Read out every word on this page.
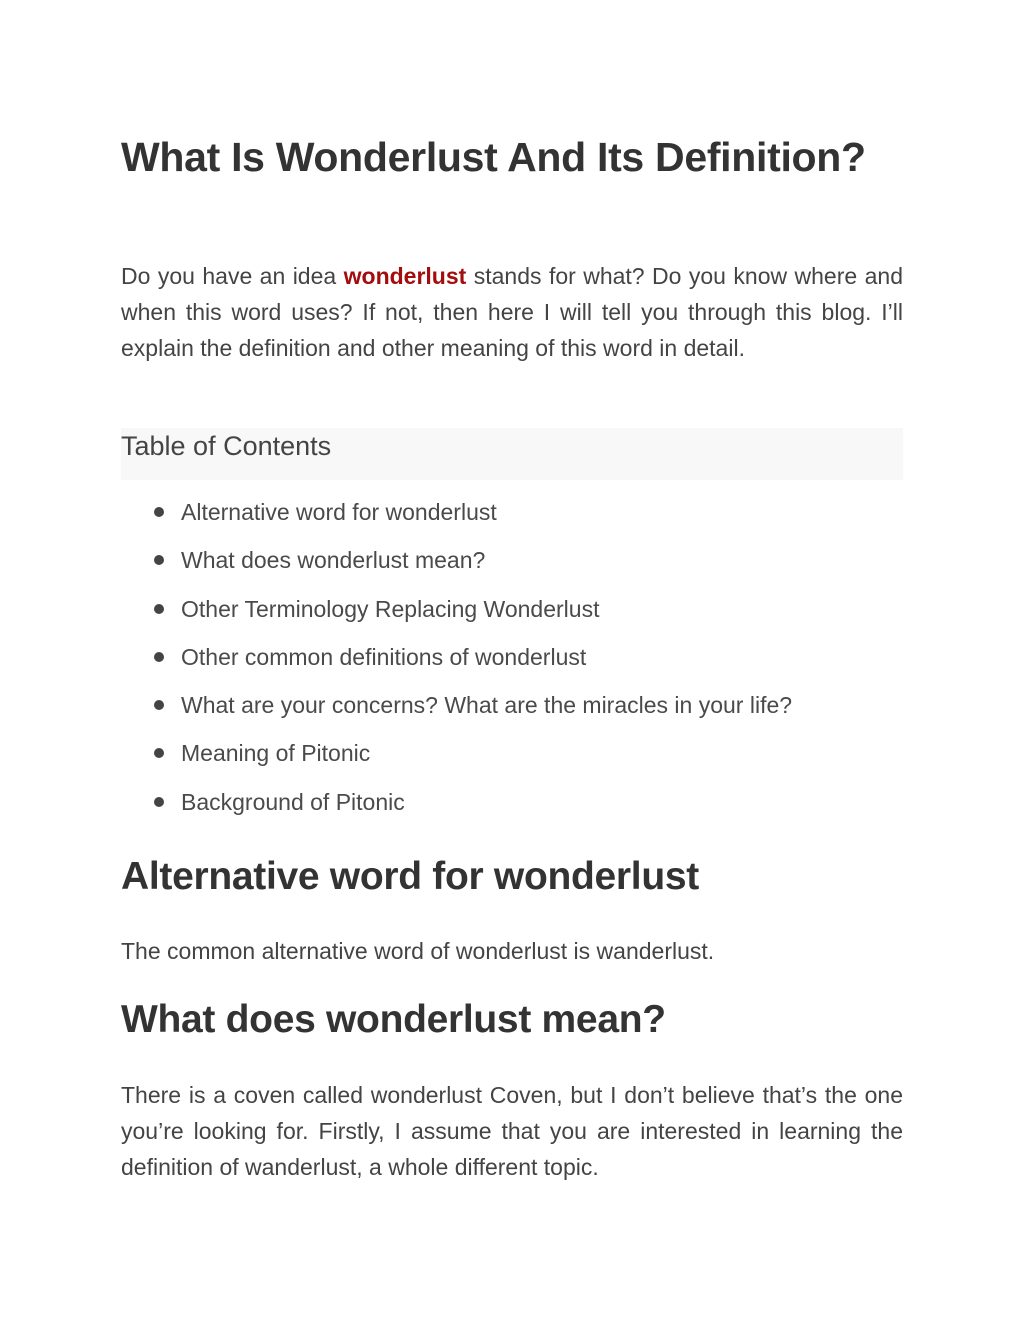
What Is Wonderlust And Its Definition?

Do you have an idea wonderlust stands for what? Do you know where and when this word uses? If not, then here I will tell you through this blog. I’ll explain the definition and other meaning of this word in detail.

Table of Contents
Alternative word for wonderlust
What does wonderlust mean?
Other Terminology Replacing Wonderlust
Other common definitions of wonderlust
What are your concerns? What are the miracles in your life?
Meaning of Pitonic
Background of Pitonic
Alternative word for wonderlust

The common alternative word of wonderlust is wanderlust.

What does wonderlust mean?

There is a coven called wonderlust Coven, but I don’t believe that’s the one you’re looking for. Firstly, I assume that you are interested in learning the definition of wanderlust, a whole different topic.
